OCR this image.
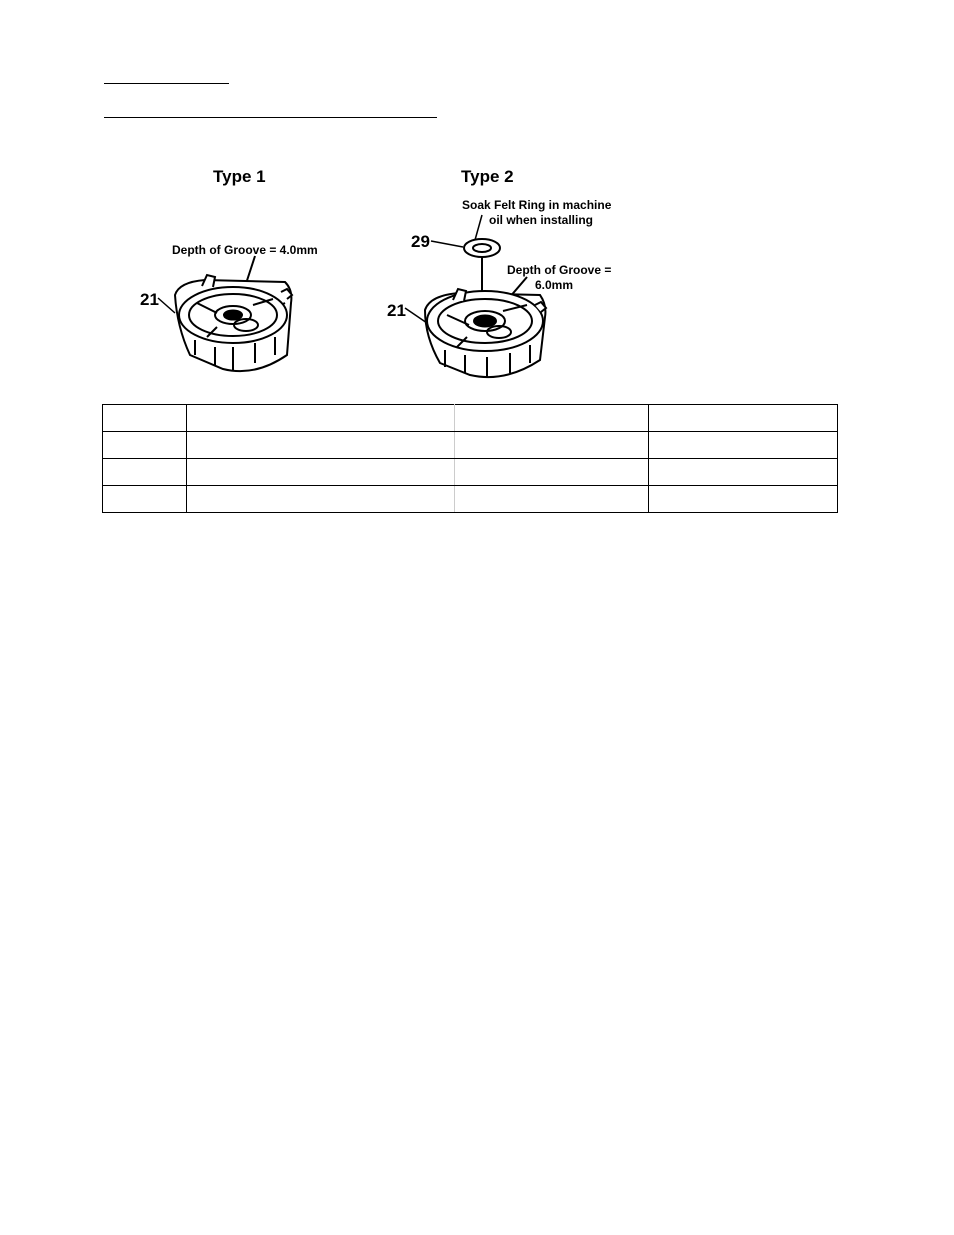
Type 1
Depth of Groove = 4.0mm
21
Type 2
Soak Felt Ring in machine
oil when installing
29
Depth of Groove =
6.0mm
21
